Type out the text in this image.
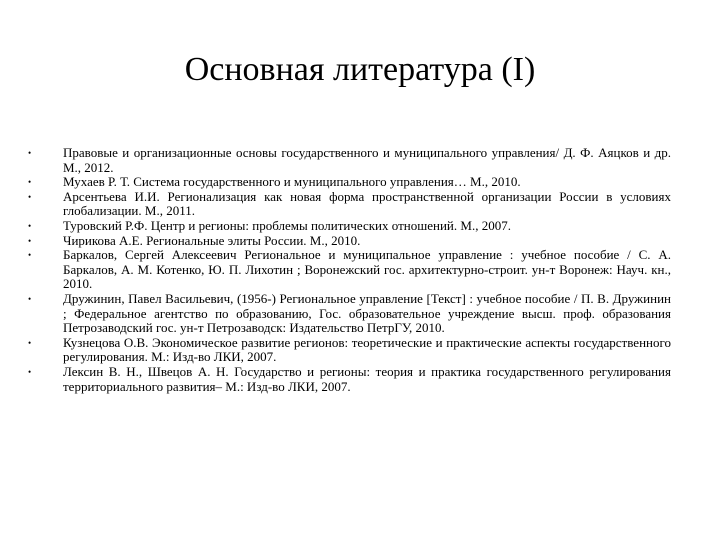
Основная литература (I)
• Правовые и организационные основы государственного и муниципального управления/ Д. Ф. Аяцков и др. М., 2012.
• Мухаев Р. Т. Система государственного и муниципального управления… М., 2010.
• Арсентьева И.И. Регионализация как новая форма пространственной организации России в условиях глобализации. М., 2011.
• Туровский Р.Ф. Центр и регионы: проблемы политических отношений. М., 2007.
• Чирикова А.Е. Региональные элиты России. М., 2010.
• Баркалов, Сергей Алексеевич Региональное и муниципальное управление : учебное пособие / С. А. Баркалов, А. М. Котенко, Ю. П. Лихотин ; Воронежский гос. архитектурно-строит. ун-т Воронеж: Науч. кн., 2010.
• Дружинин, Павел Васильевич, (1956-) Региональное управление [Текст] : учебное пособие / П. В. Дружинин ; Федеральное агентство по образованию, Гос. образовательное учреждение высш. проф. образования Петрозаводский гос. ун-т Петрозаводск: Издательство ПетрГУ, 2010.
• Кузнецова О.В. Экономическое развитие регионов: теоретические и практические аспекты государственного регулирования. М.: Изд-во ЛКИ, 2007.
• Лексин В. Н., Швецов А. Н. Государство и регионы: теория и практика государственного регулирования территориального развития– М.: Изд-во ЛКИ, 2007.
